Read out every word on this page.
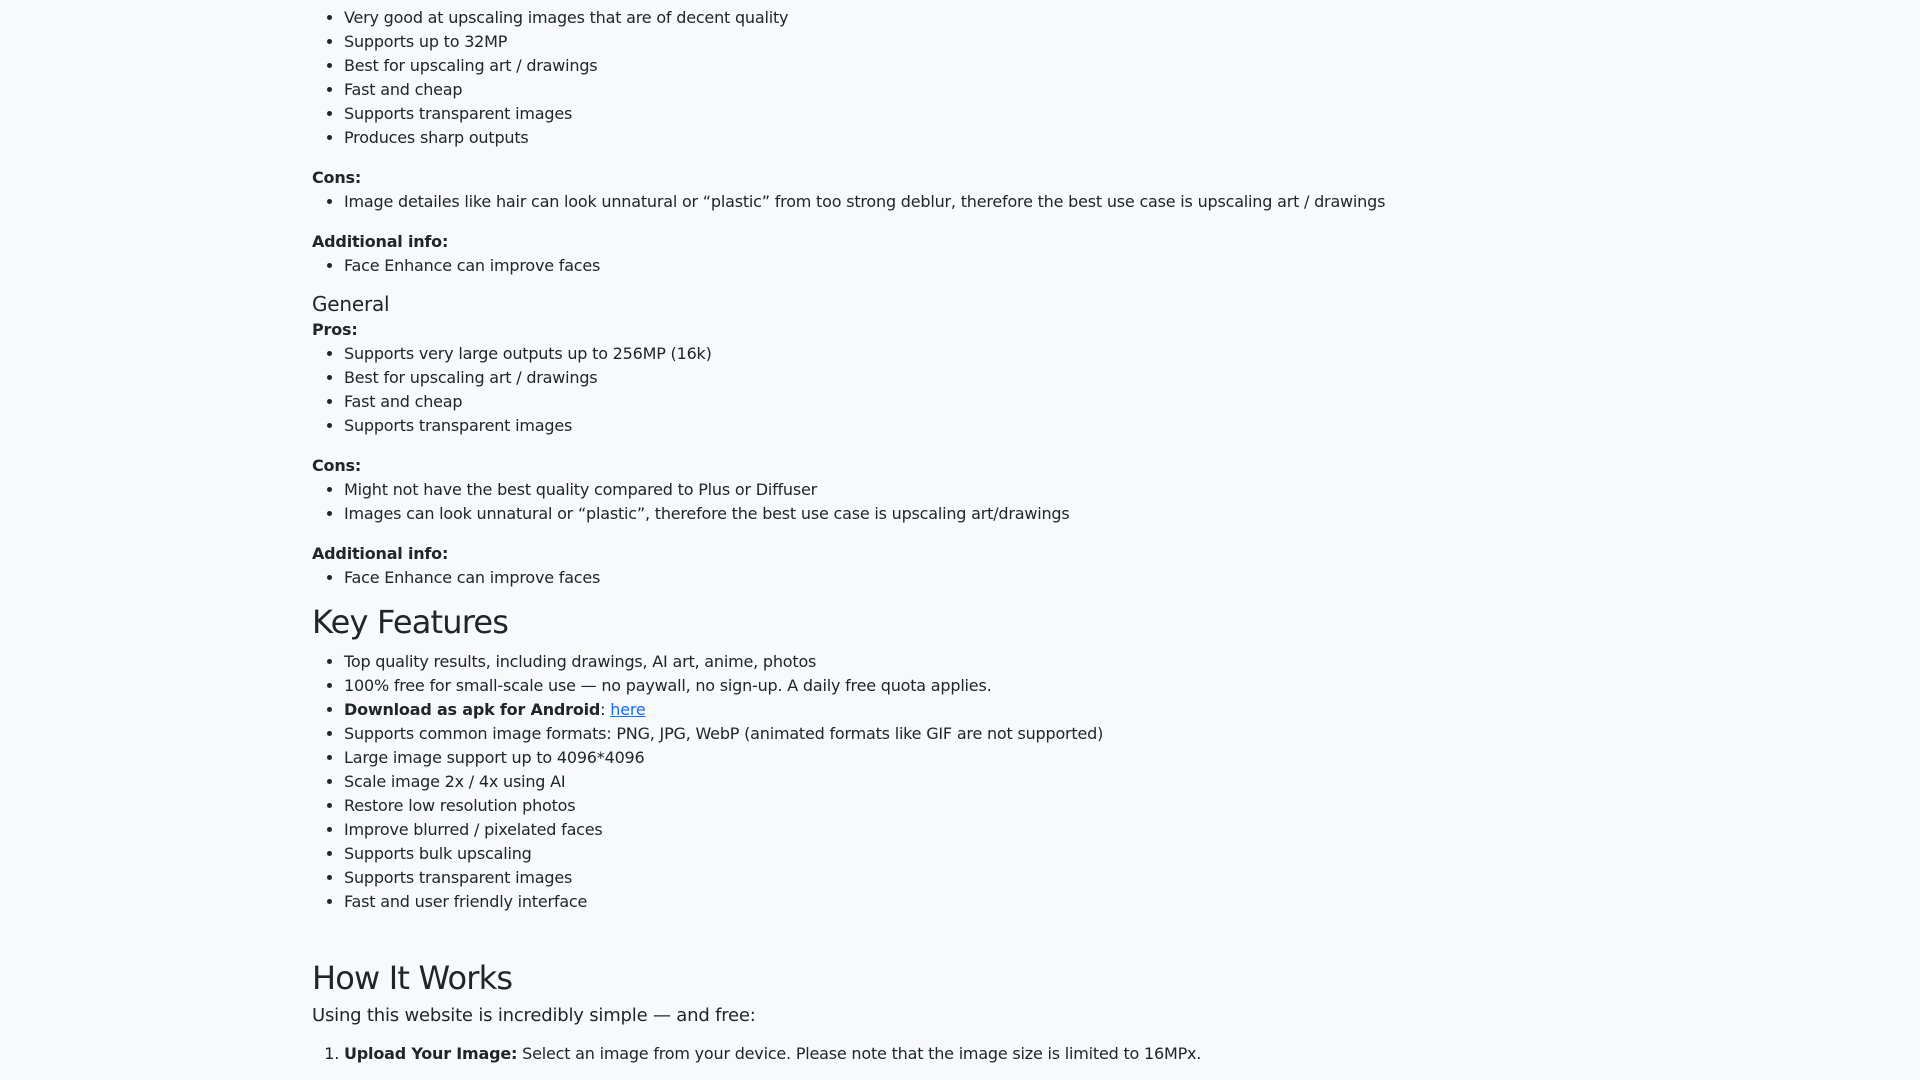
• Very good at upscaling images that are of decent quality
• Supports up to 32MP
• Best for upscaling art / drawings
• Fast and cheap
• Supports transparent images
• Produces sharp outputs

Cons:

• Image detailes like hair can look unnatural or “plastic” from too strong deblur, therefore the best use case is upscaling art / drawings

Additional info:

• Face Enhance can improve faces
General

Pros:

• Supports very large outputs up to 256MP (16k)
• Best for upscaling art / drawings
• Fast and cheap
• Supports transparent images

Cons:

• Might not have the best quality compared to Plus or Diffuser
• Images can look unnatural or “plastic”, therefore the best use case is upscaling art/drawings

Additional info:

• Face Enhance can improve faces
Key Features
• Top quality results, including drawings, AI art, anime, photos
• 100% free for small-scale use — no paywall, no sign-up. A daily free quota applies.
• Download as apk for Android: here
• Supports common image formats: PNG, JPG, WebP (animated formats like GIF are not supported)
• Large image support up to 4096*4096
• Scale image 2x / 4x using AI
• Restore low resolution photos
• Improve blurred / pixelated faces
• Supports bulk upscaling
• Supports transparent images
• Fast and user friendly interface
How It Works

Using this website is incredibly simple — and free:

1. Upload Your Image: Select an image from your device. Please note that the image size is limited to 16MPx.
